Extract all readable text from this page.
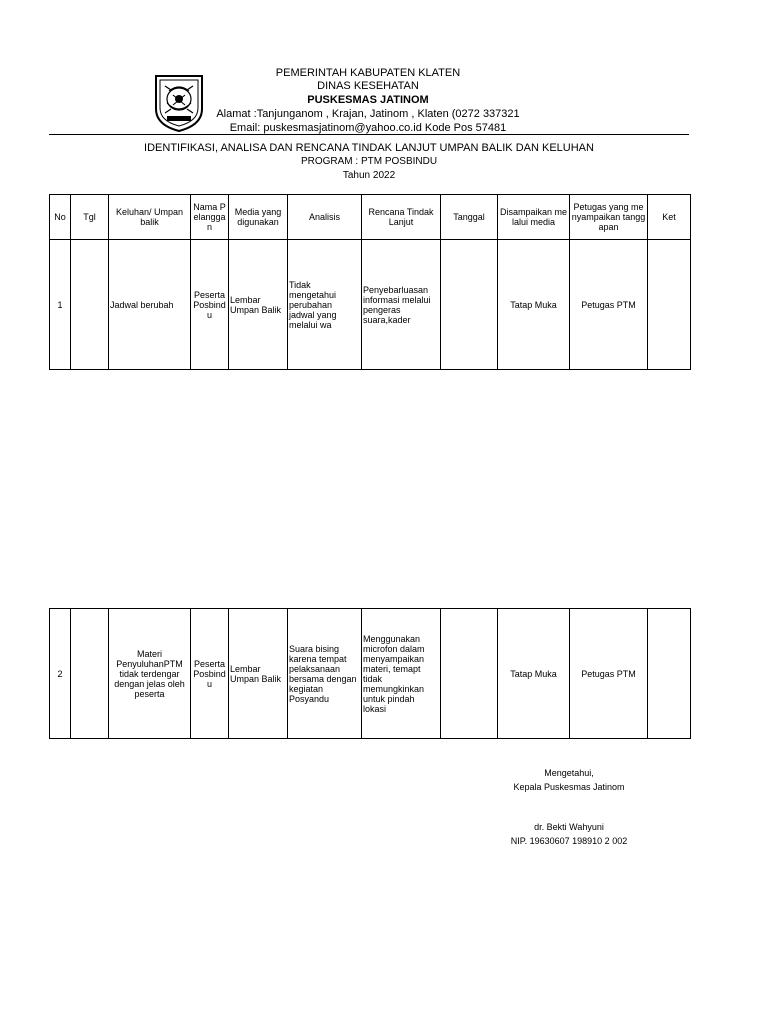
PEMERINTAH KABUPATEN KLATEN
DINAS KESEHATAN
PUSKESMAS JATINOM
Alamat :Tanjunganom , Krajan, Jatinom , Klaten (0272 337321
Email: puskesmasjatinom@yahoo.co.id Kode Pos 57481
IDENTIFIKASI, ANALISA DAN RENCANA TINDAK LANJUT UMPAN BALIK DAN KELUHAN
PROGRAM : PTM POSBINDU
Tahun 2022
No	Tgl	Keluhan/ Umpan balik	Nama Pelanggan	Media yang digunakan	Analisis	Rencana Tindak Lanjut	Tanggal	Disampaikan melalui media	Petugas yang menyampaikan tanggapan	Ket
1		Jadwal berubah	Peserta Posbindu	Lembar Umpan Balik	Tidak mengetahui perubahan jadwal yang melalui wa	Penyebarluasan informasi melalui pengeras suara,kader		Tatap Muka	Petugas PTM	
2		Materi PenyuluhanPTM tidak terdengar dengan jelas oleh peserta	Peserta Posbindu	Lembar Umpan Balik	Suara bising karena tempat pelaksanaan bersama dengan kegiatan Posyandu	Menggunakan microfon dalam menyampaikan materi, temapt tidak memungkinkan untuk pindah lokasi		Tatap Muka	Petugas PTM	
Mengetahui,
Kepala Puskesmas Jatinom
dr. Bekti Wahyuni
NIP. 19630607 198910 2 002
